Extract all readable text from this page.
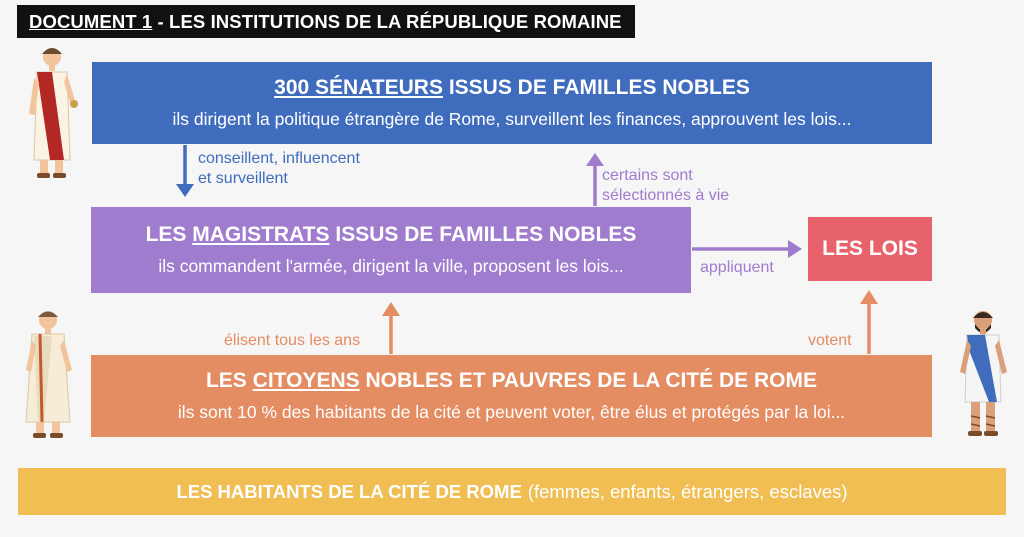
DOCUMENT 1 - LES INSTITUTIONS DE LA RÉPUBLIQUE ROMAINE
300 SÉNATEURS ISSUS DE FAMILLES NOBLES
ils dirigent la politique étrangère de Rome, surveillent les finances, approuvent les lois...
LES MAGISTRATS ISSUS DE FAMILLES NOBLES
ils commandent l'armée, dirigent la ville, proposent les lois...
LES LOIS
LES CITOYENS NOBLES ET PAUVRES DE LA CITÉ DE ROME
ils sont 10 % des habitants de la cité et peuvent voter, être élus et protégés par la loi...
LES HABITANTS DE LA CITÉ DE ROME (femmes, enfants, étrangers, esclaves)
conseillent, influencent
et surveillent	certains sont
sélectionnés à vie
appliquent
élisent tous les ans	votent
